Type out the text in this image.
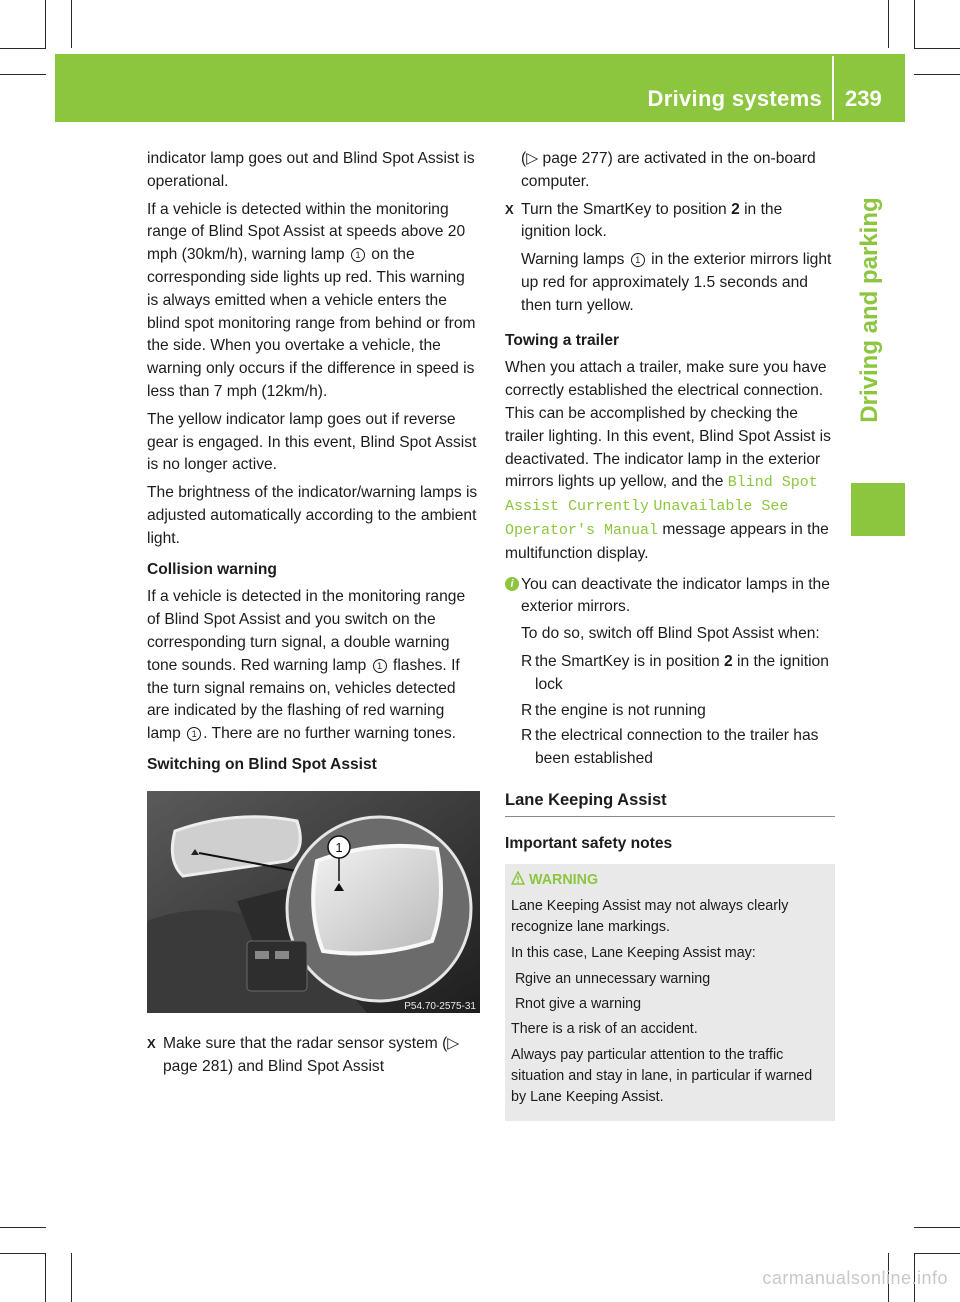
Driving systems 239
Driving and parking

indicator lamp goes out and Blind Spot Assist is operational.

If a vehicle is detected within the monitoring range of Blind Spot Assist at speeds above 20 mph (30km/h), warning lamp 1 on the corresponding side lights up red. This warning is always emitted when a vehicle enters the blind spot monitoring range from behind or from the side. When you overtake a vehicle, the warning only occurs if the difference in speed is less than 7 mph (12km/h).

The yellow indicator lamp goes out if reverse gear is engaged. In this event, Blind Spot Assist is no longer active.

The brightness of the indicator/warning lamps is adjusted automatically according to the ambient light.

Collision warning

If a vehicle is detected in the monitoring range of Blind Spot Assist and you switch on the corresponding turn signal, a double warning tone sounds. Red warning lamp 1 flashes. If the turn signal remains on, vehicles detected are indicated by the flashing of red warning lamp 1 . There are no further warning tones.

Switching on Blind Spot Assist
1
P54.70-2575-31
X Make sure that the radar sensor system (▷ page 281) and Blind Spot Assist

(▷ page 277) are activated in the on-board computer.

X Turn the SmartKey to position 2 in the ignition lock.

Warning lamps 1 in the exterior mirrors light up red for approximately 1.5 seconds and then turn yellow.

Towing a trailer

When you attach a trailer, make sure you have correctly established the electrical connection. This can be accomplished by checking the trailer lighting. In this event, Blind Spot Assist is deactivated. The indicator lamp in the exterior mirrors lights up yellow, and the Blind Spot Assist Currently Unavailable See Operator's Manual message appears in the multifunction display.

i You can deactivate the indicator lamps in the exterior mirrors.

To do so, switch off Blind Spot Assist when:

R the SmartKey is in position 2 in the ignition lock
R the engine is not running
R the electrical connection to the trailer has been established
Lane Keeping Assist
Important safety notes
WARNING

Lane Keeping Assist may not always clearly recognize lane markings.

In this case, Lane Keeping Assist may:

R give an unnecessary warning
R not give a warning

There is a risk of an accident.

Always pay particular attention to the traffic situation and stay in lane, in particular if warned by Lane Keeping Assist.

carmanualsonline.info
